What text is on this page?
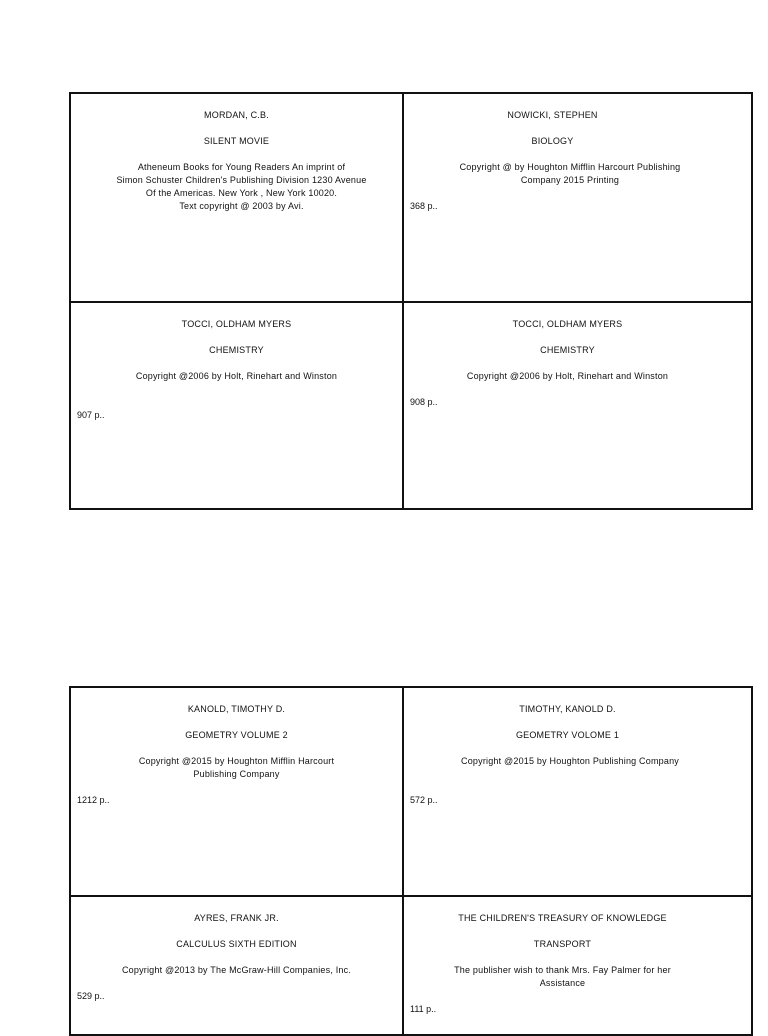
MORDAN, C.B.
SILENT MOVIE
Atheneum Books for Young Readers An imprint of
Simon Schuster Children's Publishing Division 1230 Avenue
Of the Americas. New York , New York 10020.
Text copyright @ 2003 by Avi.
NOWICKI, STEPHEN
BIOLOGY
Copyright @ by Houghton Mifflin Harcourt Publishing
Company 2015 Printing
368 p..
TOCCI, OLDHAM MYERS
CHEMISTRY
Copyright @2006 by Holt, Rinehart and Winston
907 p..
TOCCI, OLDHAM MYERS
CHEMISTRY
Copyright @2006 by Holt, Rinehart and Winston
908 p..
KANOLD, TIMOTHY D.
GEOMETRY VOLUME 2
Copyright @2015 by Houghton Mifflin Harcourt
Publishing Company
1212 p..
TIMOTHY, KANOLD D.
GEOMETRY VOLOME 1
Copyright @2015 by Houghton Publishing Company
572 p..
AYRES, FRANK JR.
CALCULUS SIXTH EDITION
Copyright @2013 by The McGraw-Hill Companies, Inc.
529 p..
THE CHILDREN'S TREASURY OF KNOWLEDGE
TRANSPORT
The publisher wish to thank Mrs. Fay Palmer for her
Assistance
111 p..
